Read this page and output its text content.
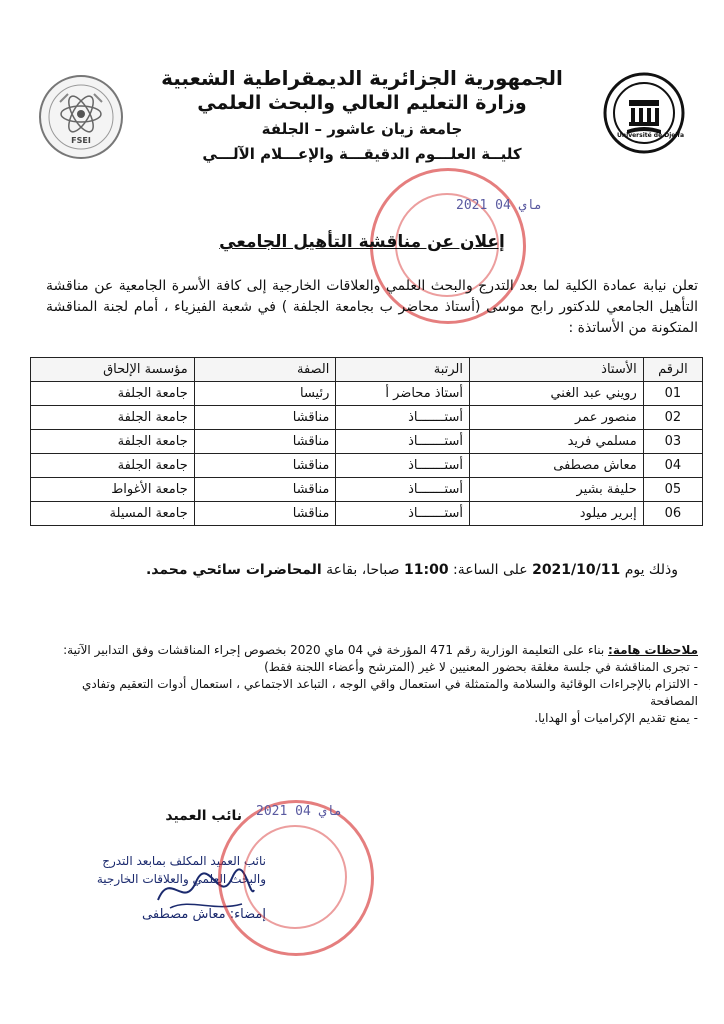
Université de Djelfa
FSEI
الجمهورية الجزائرية الديمقراطية الشعبية
وزارة التعليم العالي والبحث العلمي
جامعة زيان عاشور – الجلفة
كليــة العلـــوم الدقيقـــة والإعـــلام الآلـــي
2021 ماي 04
إعلان عن مناقشة التأهيل الجامعي
تعلن نيابة عمادة الكلية لما بعد التدرج والبحث العلمي والعلاقات الخارجية إلى كافة الأسرة الجامعية عن مناقشة التأهيل الجامعي للدكتور رابح موسى (أستاذ محاضر ب بجامعة الجلفة ) في شعبة الفيزياء ، أمام لجنة المناقشة المتكونة من الأساتذة :
الرقم	الأستاذ	الرتبة	الصفة	مؤسسة الإلحاق
01	رويني عبد الغني	أستاذ محاضر أ	رئيسا	جامعة الجلفة
02	منصور عمر	أستـــــــاذ	مناقشا	جامعة الجلفة
03	مسلمي فريد	أستـــــــاذ	مناقشا	جامعة الجلفة
04	معاش مصطفى	أستـــــــاذ	مناقشا	جامعة الجلفة
05	حليفة بشير	أستـــــــاذ	مناقشا	جامعة الأغواط
06	إبرير ميلود	أستـــــــاذ	مناقشا	جامعة المسيلة
وذلك يوم 2021/10/11 على الساعة: 11:00 صباحا، بقاعة المحاضرات سائحي محمد.
ملاحظات هامة: بناء على التعليمة الوزارية رقم 471 المؤرخة في 04 ماي 2020 بخصوص إجراء المناقشات وفق التدابير الآتية:
- تجرى المناقشة في جلسة مغلقة بحضور المعنيين لا غير (المترشح وأعضاء اللجنة فقط)
- الالتزام بالإجراءات الوقائية والسلامة والمتمثلة في استعمال واقي الوجه ، التباعد الاجتماعي ، استعمال أدوات التعقيم وتفادي المصافحة
- يمنع تقديم الإكراميات أو الهدايا.
نائب العميد
نائب العميد المكلف بمابعد التدرج
والبحث العلمي والعلاقات الخارجية
إمضاء: معاش مصطفى
2021 04 ماي
